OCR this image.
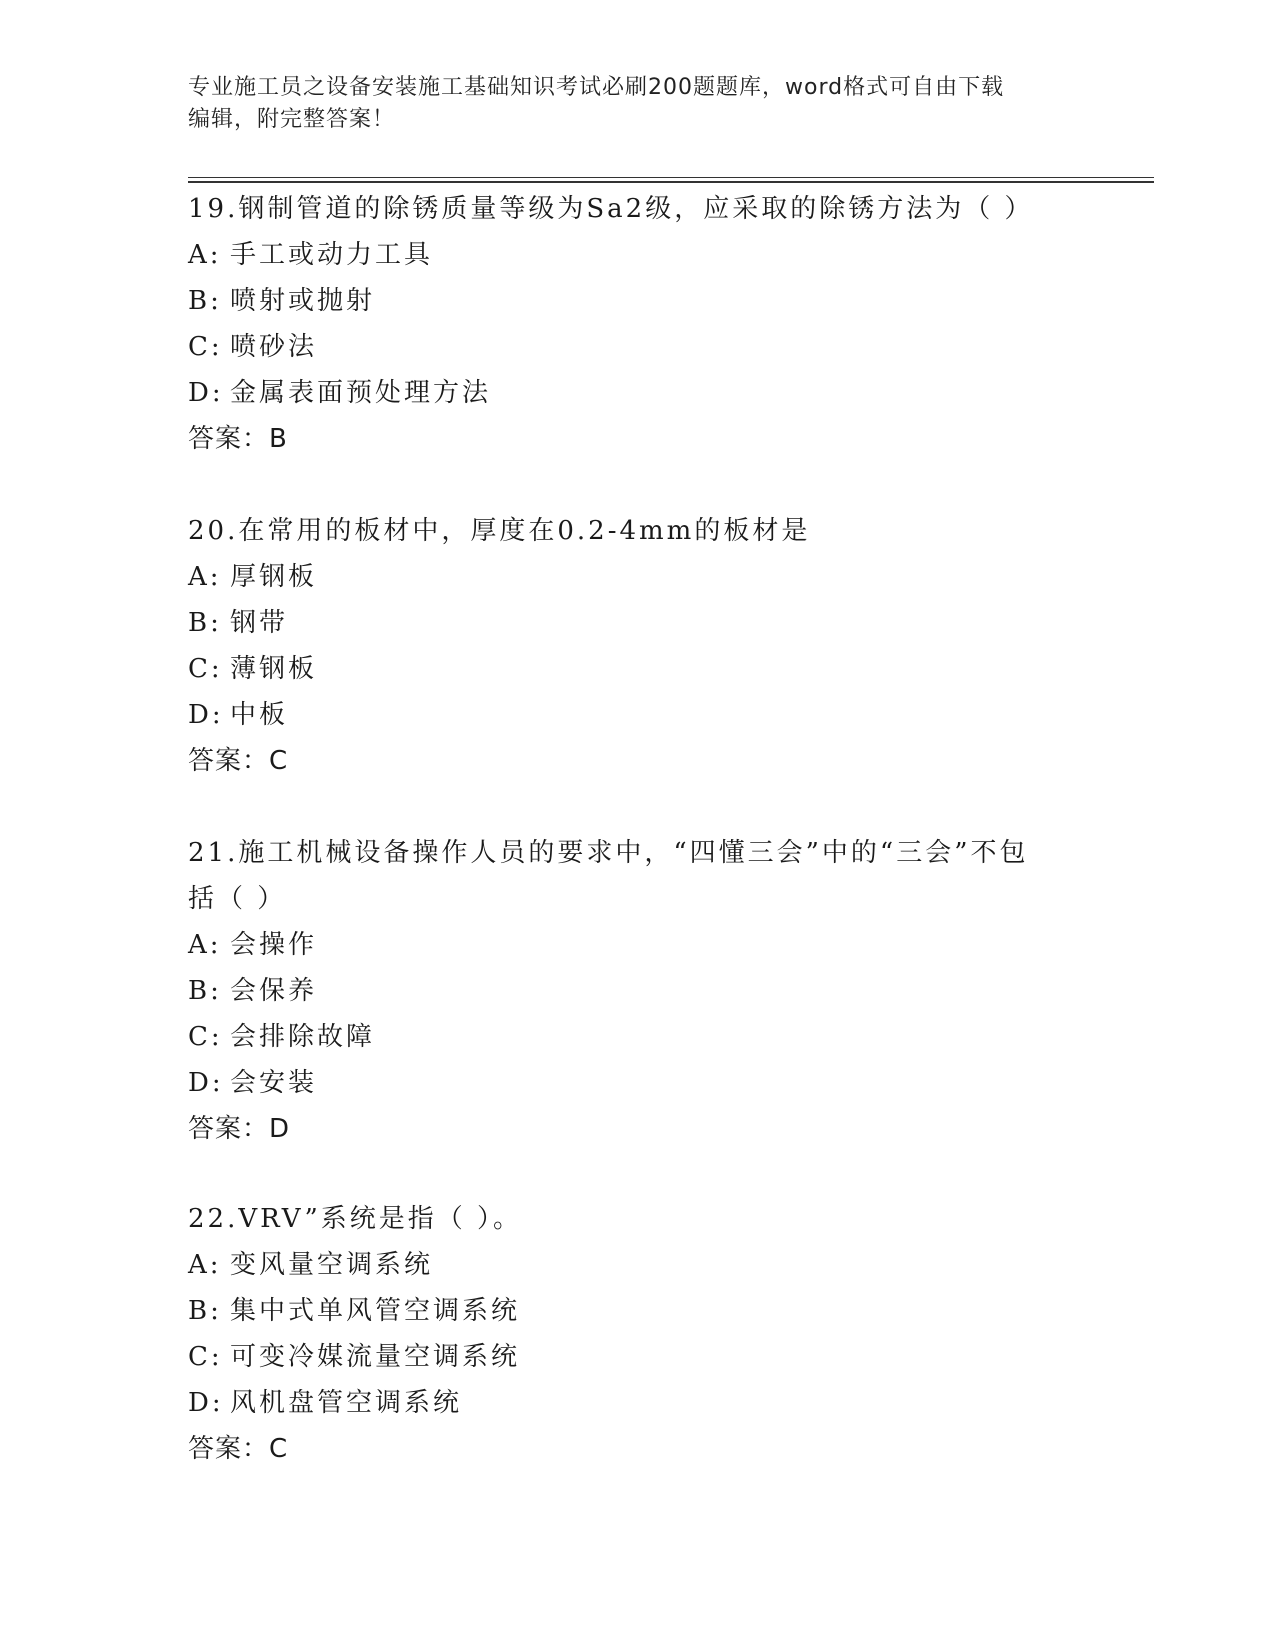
专业施工员之设备安装施工基础知识考试必刷200题题库，word格式可自由下载
编辑，附完整答案！
19.钢制管道的除锈质量等级为Sa2级，应采取的除锈方法为（ ）
A: 手工或动力工具
B: 喷射或抛射
C: 喷砂法
D: 金属表面预处理方法
答案：B
20.在常用的板材中，厚度在0.2-4mm的板材是
A: 厚钢板
B: 钢带
C: 薄钢板
D: 中板
答案：C
21.施工机械设备操作人员的要求中，“四懂三会”中的“三会”不包
括（ ）
A: 会操作
B: 会保养
C: 会排除故障
D: 会安装
答案：D
22.VRV”系统是指（ ）。
A: 变风量空调系统
B: 集中式单风管空调系统
C: 可变冷媒流量空调系统
D: 风机盘管空调系统
答案：C
